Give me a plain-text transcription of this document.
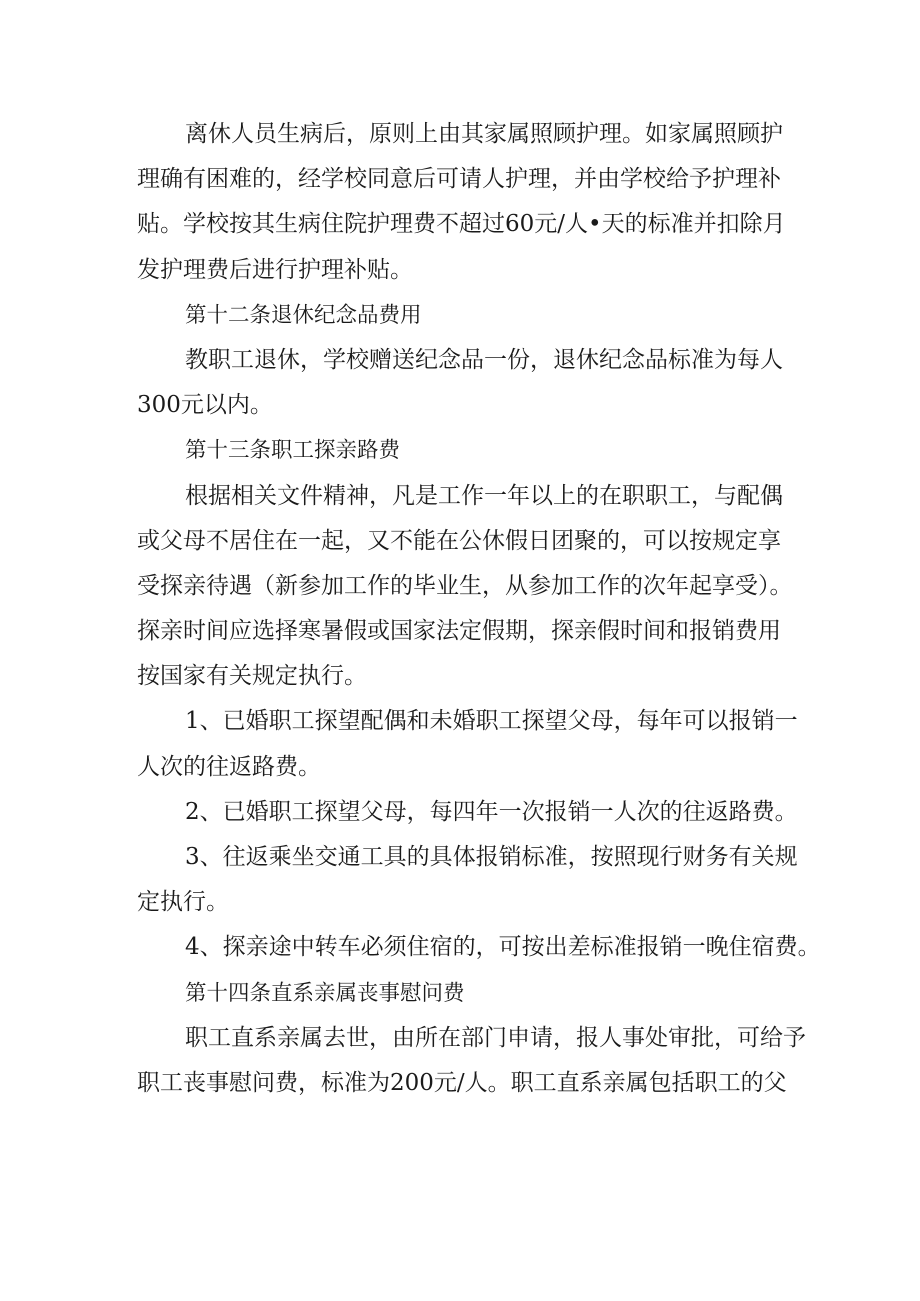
离休人员生病后，原则上由其家属照顾护理。如家属照顾护
理确有困难的，经学校同意后可请人护理，并由学校给予护理补
贴。学校按其生病住院护理费不超过60元/人•天的标准并扣除月
发护理费后进行护理补贴。
第十二条退休纪念品费用
教职工退休，学校赠送纪念品一份，退休纪念品标准为每人
300元以内。
第十三条职工探亲路费
根据相关文件精神，凡是工作一年以上的在职职工，与配偶
或父母不居住在一起，又不能在公休假日团聚的，可以按规定享
受探亲待遇（新参加工作的毕业生，从参加工作的次年起享受）。
探亲时间应选择寒暑假或国家法定假期，探亲假时间和报销费用
按国家有关规定执行。
1、已婚职工探望配偶和未婚职工探望父母，每年可以报销一
人次的往返路费。
2、已婚职工探望父母，每四年一次报销一人次的往返路费。
3、往返乘坐交通工具的具体报销标准，按照现行财务有关规
定执行。
4、探亲途中转车必须住宿的，可按出差标准报销一晚住宿费。
第十四条直系亲属丧事慰问费
职工直系亲属去世，由所在部门申请，报人事处审批，可给予
职工丧事慰问费，标准为200元/人。职工直系亲属包括职工的父
